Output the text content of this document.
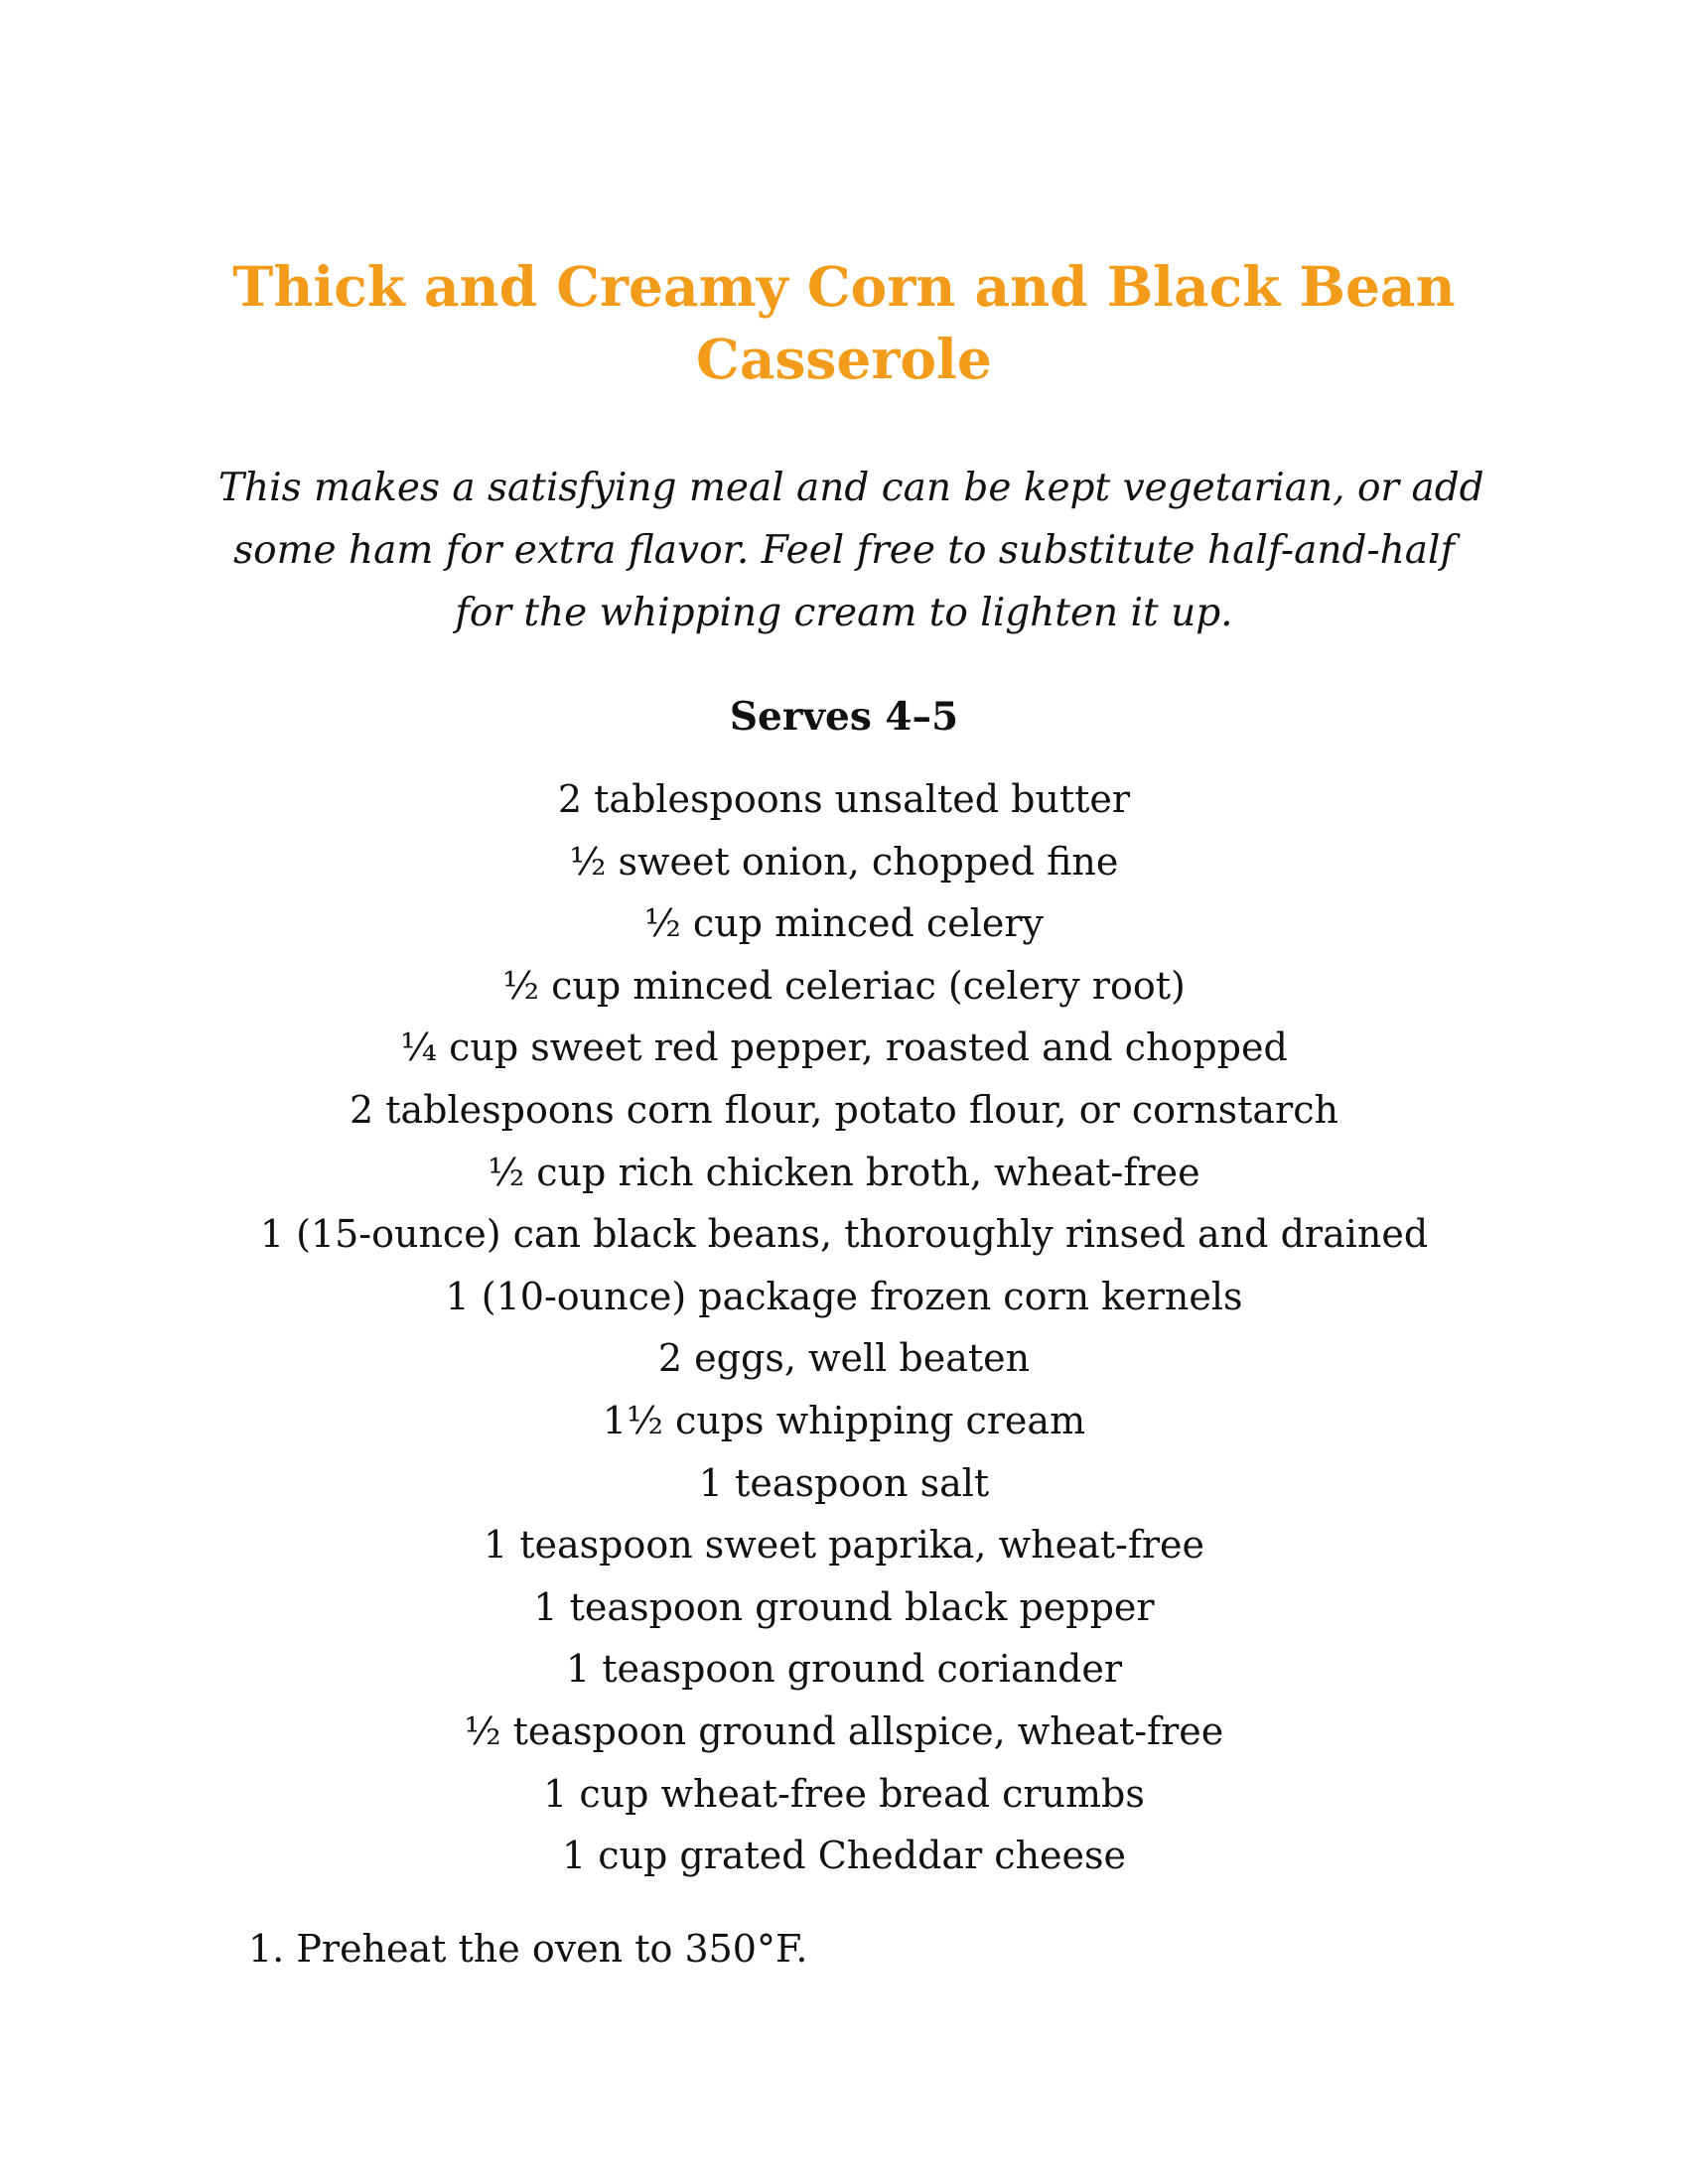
Thick and Creamy Corn and Black Bean
Casserole

This makes a satisfying meal and can be kept vegetarian, or add
some ham for extra flavor. Feel free to substitute half-and-half
for the whipping cream to lighten it up.

Serves 4–5

2 tablespoons unsalted butter
½ sweet onion, chopped fine
½ cup minced celery
½ cup minced celeriac (celery root)
¼ cup sweet red pepper, roasted and chopped
2 tablespoons corn flour, potato flour, or cornstarch
½ cup rich chicken broth, wheat-free
1 (15-ounce) can black beans, thoroughly rinsed and drained
1 (10-ounce) package frozen corn kernels
2 eggs, well beaten
1½ cups whipping cream
1 teaspoon salt
1 teaspoon sweet paprika, wheat-free
1 teaspoon ground black pepper
1 teaspoon ground coriander
½ teaspoon ground allspice, wheat-free
1 cup wheat-free bread crumbs
1 cup grated Cheddar cheese
1. Preheat the oven to 350°F.
